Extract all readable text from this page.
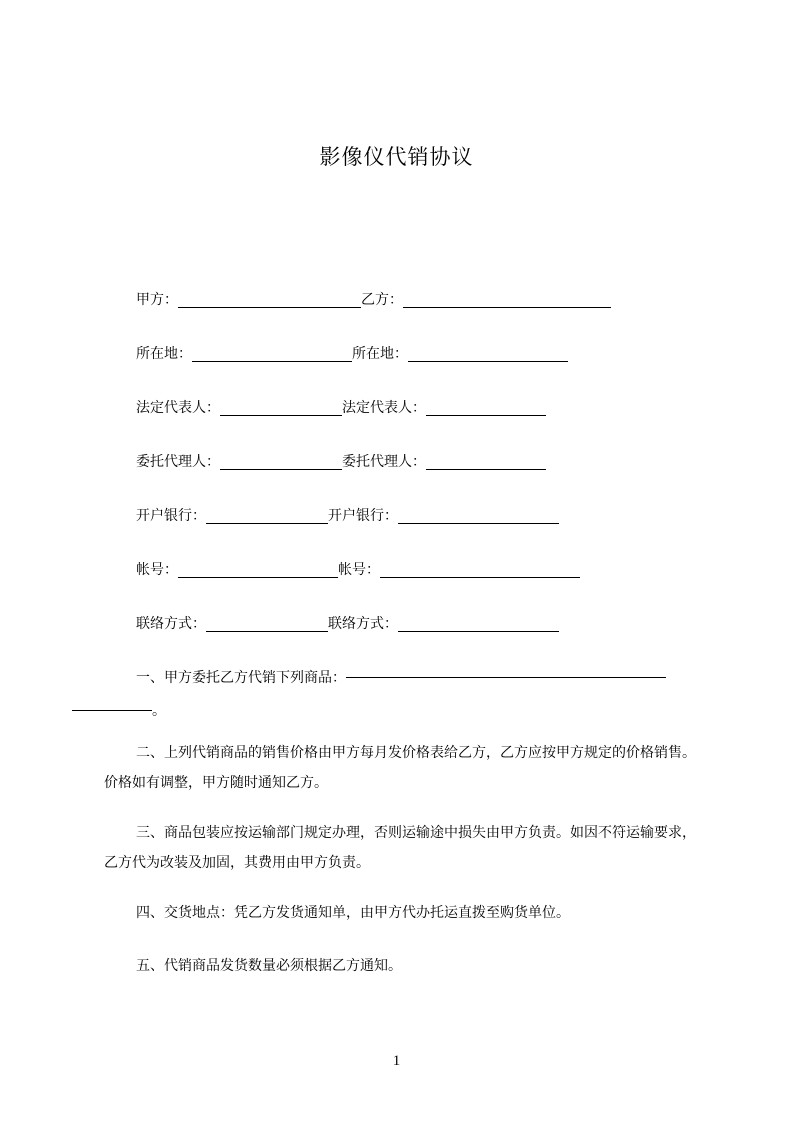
影像仪代销协议
甲方：	乙方：
所在地：	所在地：
法定代表人：	法定代表人：
委托代理人：	委托代理人：
开户银行：	开户银行：
帐号：	帐号：
联络方式：	联络方式：
一、甲方委托乙方代销下列商品：
。
二、上列代销商品的销售价格由甲方每月发价格表给乙方，乙方应按甲方规定的价格销售。价格如有调整，甲方随时通知乙方。
三、商品包装应按运输部门规定办理，否则运输途中损失由甲方负责。如因不符运输要求，乙方代为改装及加固，其费用由甲方负责。
四、交货地点：凭乙方发货通知单，由甲方代办托运直拨至购货单位。
五、代销商品发货数量必须根据乙方通知。
1
